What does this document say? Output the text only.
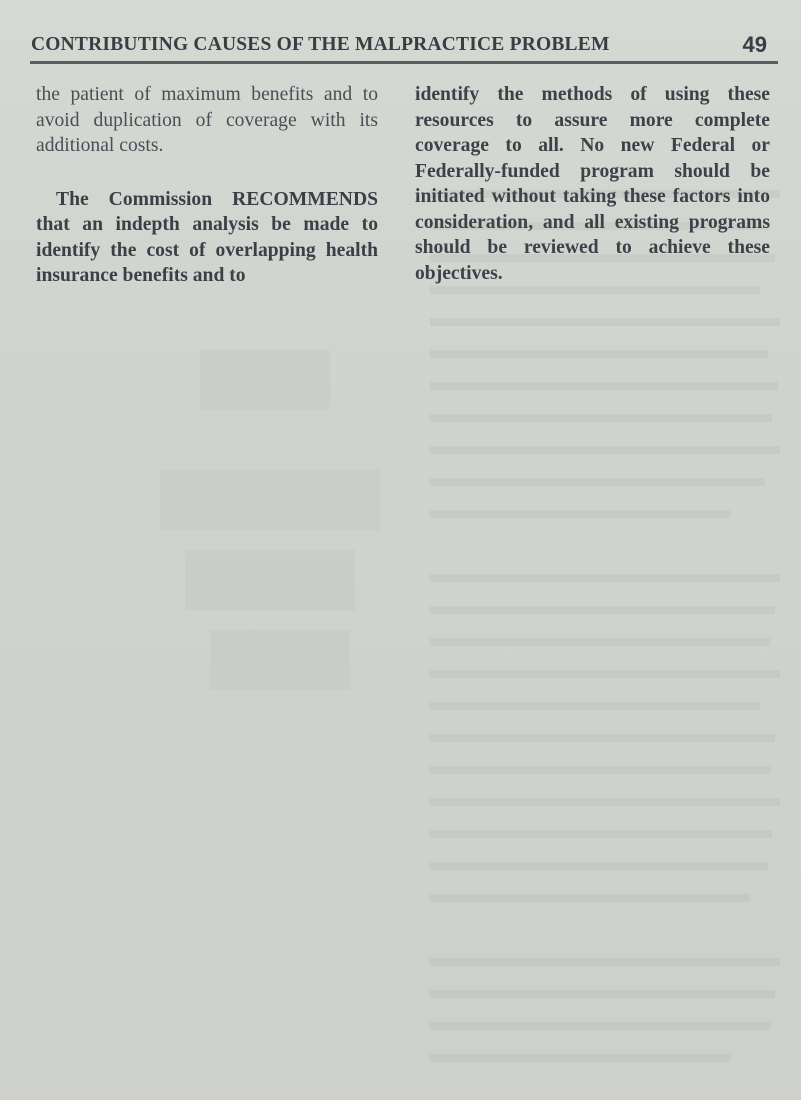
CONTRIBUTING CAUSES OF THE MALPRACTICE PROBLEM	49

the patient of maximum benefits and to avoid duplication of coverage with its additional costs.

The Commission RECOMMENDS that an indepth analysis be made to identify the cost of overlapping health insurance benefits and to

identify the methods of using these resources to assure more complete coverage to all. No new Federal or Federally-funded program should be initiated without taking these factors into consideration, and all existing programs should be reviewed to achieve these objectives.
